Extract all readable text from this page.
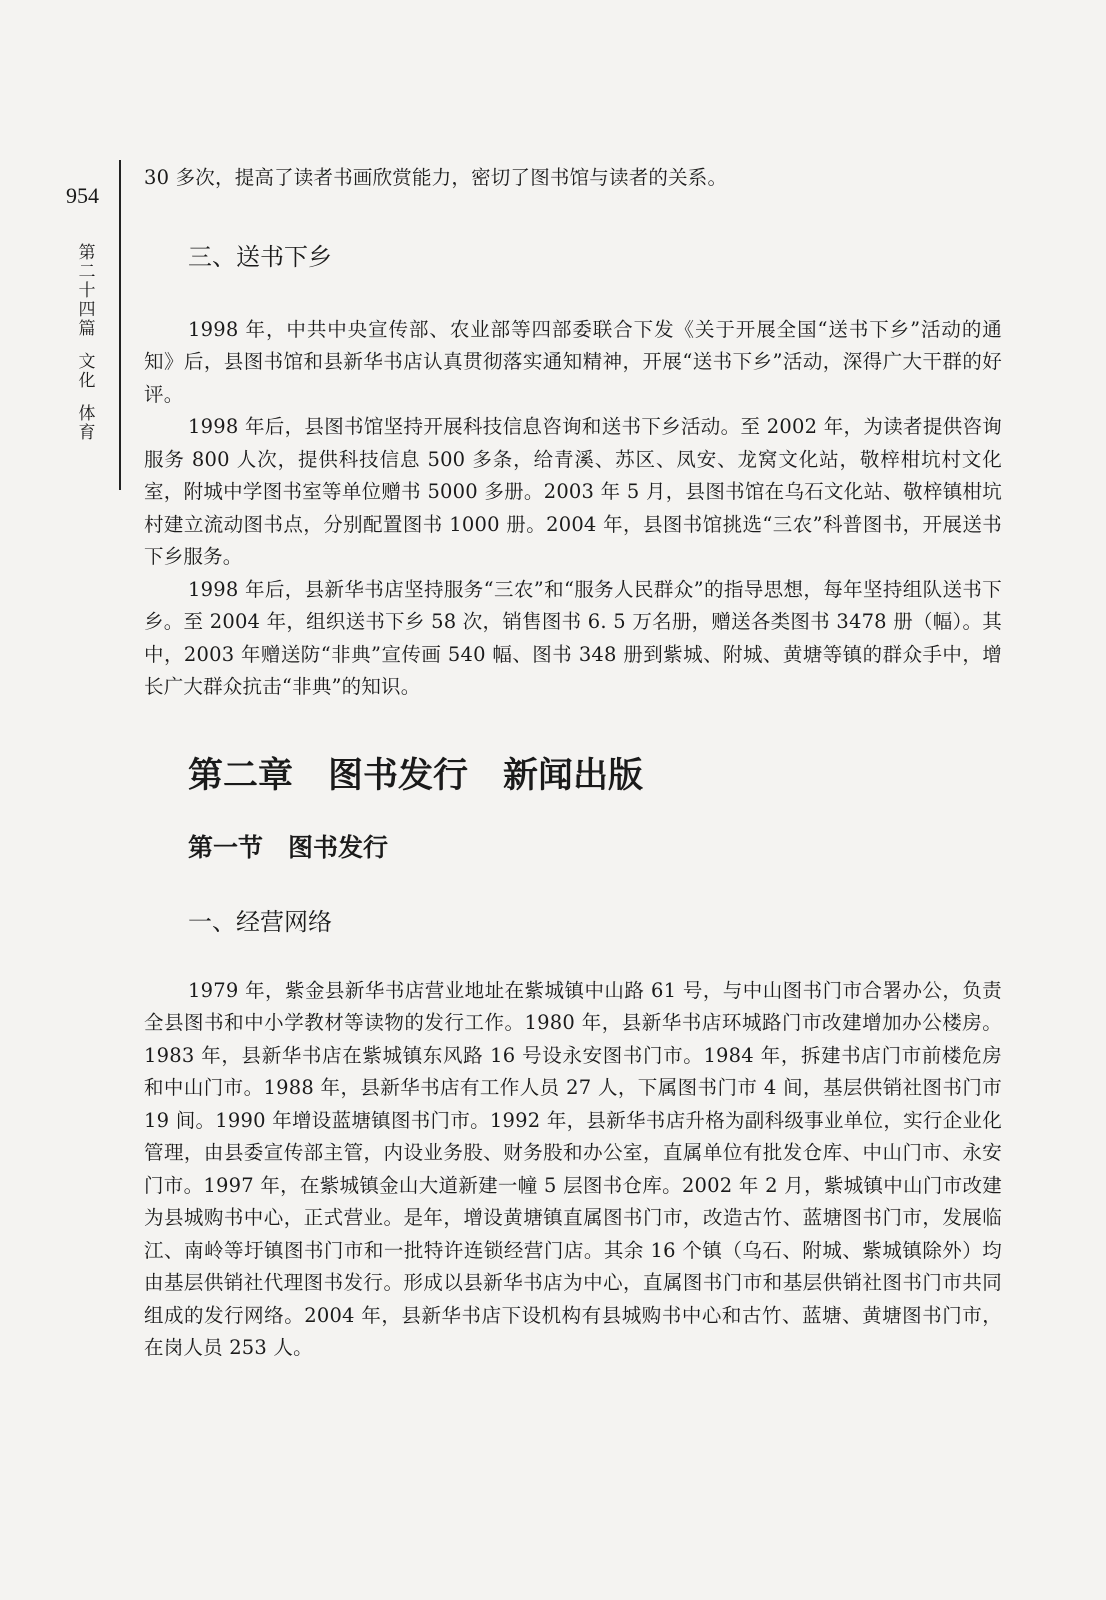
954
第
二
十
四
篇
文
化
体
育

30 多次，提高了读者书画欣赏能力，密切了图书馆与读者的关系。

三、送书下乡

1998 年，中共中央宣传部、农业部等四部委联合下发《关于开展全国“送书下乡”活动的通知》后，县图书馆和县新华书店认真贯彻落实通知精神，开展“送书下乡”活动，深得广大干群的好评。

1998 年后，县图书馆坚持开展科技信息咨询和送书下乡活动。至 2002 年，为读者提供咨询服务 800 人次，提供科技信息 500 多条，给青溪、苏区、凤安、龙窝文化站，敬梓柑坑村文化室，附城中学图书室等单位赠书 5000 多册。2003 年 5 月，县图书馆在乌石文化站、敬梓镇柑坑村建立流动图书点，分别配置图书 1000 册。2004 年，县图书馆挑选“三农”科普图书，开展送书下乡服务。

1998 年后，县新华书店坚持服务“三农”和“服务人民群众”的指导思想，每年坚持组队送书下乡。至 2004 年，组织送书下乡 58 次，销售图书 6. 5 万名册，赠送各类图书 3478 册（幅）。其中，2003 年赠送防“非典”宣传画 540 幅、图书 348 册到紫城、附城、黄塘等镇的群众手中，增长广大群众抗击“非典”的知识。

第二章　图书发行　新闻出版
第一节　图书发行
一、经营网络

1979 年，紫金县新华书店营业地址在紫城镇中山路 61 号，与中山图书门市合署办公，负责全县图书和中小学教材等读物的发行工作。1980 年，县新华书店环城路门市改建增加办公楼房。1983 年，县新华书店在紫城镇东风路 16 号设永安图书门市。1984 年，拆建书店门市前楼危房和中山门市。1988 年，县新华书店有工作人员 27 人，下属图书门市 4 间，基层供销社图书门市 19 间。1990 年增设蓝塘镇图书门市。1992 年，县新华书店升格为副科级事业单位，实行企业化管理，由县委宣传部主管，内设业务股、财务股和办公室，直属单位有批发仓库、中山门市、永安门市。1997 年，在紫城镇金山大道新建一幢 5 层图书仓库。2002 年 2 月，紫城镇中山门市改建为县城购书中心，正式营业。是年，增设黄塘镇直属图书门市，改造古竹、蓝塘图书门市，发展临江、南岭等圩镇图书门市和一批特许连锁经营门店。其余 16 个镇（乌石、附城、紫城镇除外）均由基层供销社代理图书发行。形成以县新华书店为中心，直属图书门市和基层供销社图书门市共同组成的发行网络。2004 年，县新华书店下设机构有县城购书中心和古竹、蓝塘、黄塘图书门市，在岗人员 253 人。
